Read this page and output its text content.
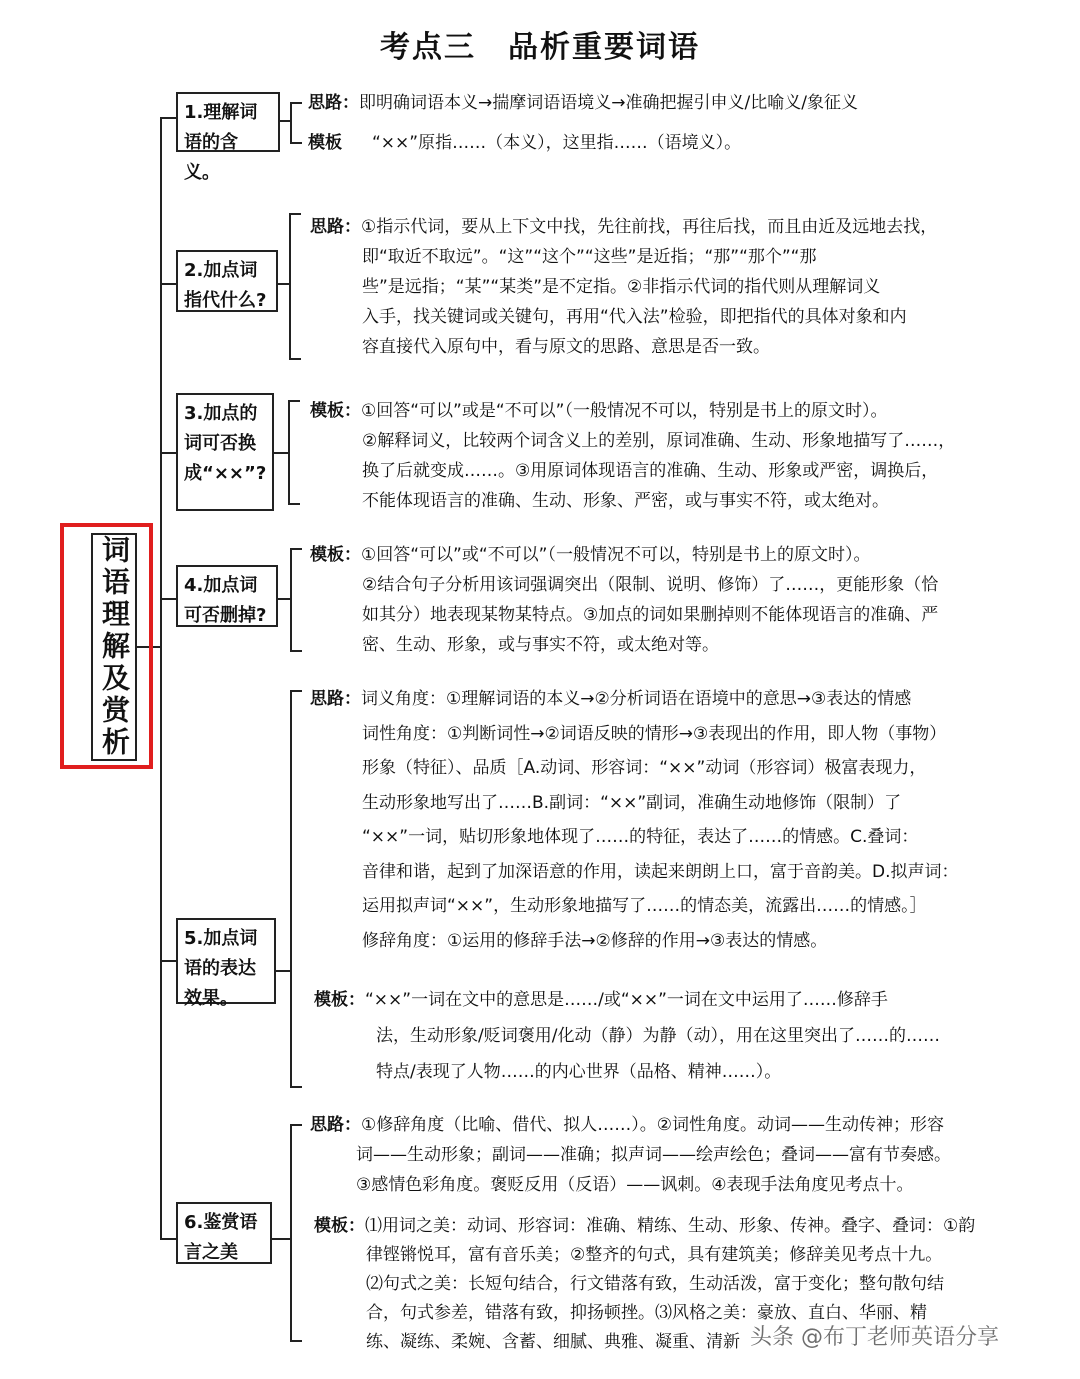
考点三　品析重要词语
词语理解及赏析
1.理解词语的含义。
思路：即明确词语本义→揣摩词语语境义→准确把握引申义/比喻义/象征义
模板 “××”原指……（本义），这里指……（语境义）。
2.加点词指代什么?
思路：①指示代词，要从上下文中找，先往前找，再往后找，而且由近及远地去找，
即“取近不取远”。“这”“这个”“这些”是近指；“那”“那个”“那
些”是远指；“某”“某类”是不定指。②非指示代词的指代则从理解词义
入手，找关键词或关键句，再用“代入法”检验，即把指代的具体对象和内
容直接代入原句中，看与原文的思路、意思是否一致。
3.加点的词可否换成“××”?
模板：①回答“可以”或是“不可以”（一般情况不可以，特别是书上的原文时）。
②解释词义，比较两个词含义上的差别，原词准确、生动、形象地描写了……，
换了后就变成……。③用原词体现语言的准确、生动、形象或严密，调换后，
不能体现语言的准确、生动、形象、严密，或与事实不符，或太绝对。
4.加点词可否删掉?
模板：①回答“可以”或“不可以”（一般情况不可以，特别是书上的原文时）。
②结合句子分析用该词强调突出（限制、说明、修饰）了……，更能形象（恰
如其分）地表现某物某特点。③加点的词如果删掉则不能体现语言的准确、严
密、生动、形象，或与事实不符，或太绝对等。
5.加点词语的表达效果。
思路：词义角度：①理解词语的本义→②分析词语在语境中的意思→③表达的情感
词性角度：①判断词性→②词语反映的情形→③表现出的作用，即人物（事物）
形象（特征）、品质［A.动词、形容词：“××”动词（形容词）极富表现力，
生动形象地写出了……B.副词：“××”副词，准确生动地修饰（限制）了
“××”一词，贴切形象地体现了……的特征，表达了……的情感。C.叠词：
音律和谐，起到了加深语意的作用，读起来朗朗上口，富于音韵美。D.拟声词：
运用拟声词“××”，生动形象地描写了……的情态美，流露出……的情感。］
修辞角度：①运用的修辞手法→②修辞的作用→③表达的情感。
模板：“××”一词在文中的意思是……/或“××”一词在文中运用了……修辞手
法，生动形象/贬词褒用/化动（静）为静（动），用在这里突出了……的……
特点/表现了人物……的内心世界（品格、精神……）。
6.鉴赏语言之美
思路：①修辞角度（比喻、借代、拟人……）。②词性角度。动词——生动传神；形容
词——生动形象；副词——准确；拟声词——绘声绘色；叠词——富有节奏感。
③感情色彩角度。褒贬反用（反语）——讽刺。④表现手法角度见考点十。
模板：⑴用词之美：动词、形容词：准确、精练、生动、形象、传神。叠字、叠词：①韵
律铿锵悦耳，富有音乐美；②整齐的句式，具有建筑美；修辞美见考点十九。
⑵句式之美：长短句结合，行文错落有致，生动活泼，富于变化；整句散句结
合，句式参差，错落有致，抑扬顿挫。⑶风格之美：豪放、直白、华丽、精
练、凝练、柔婉、含蓄、细腻、典雅、凝重、清新 头条 @布丁老师英语分享
